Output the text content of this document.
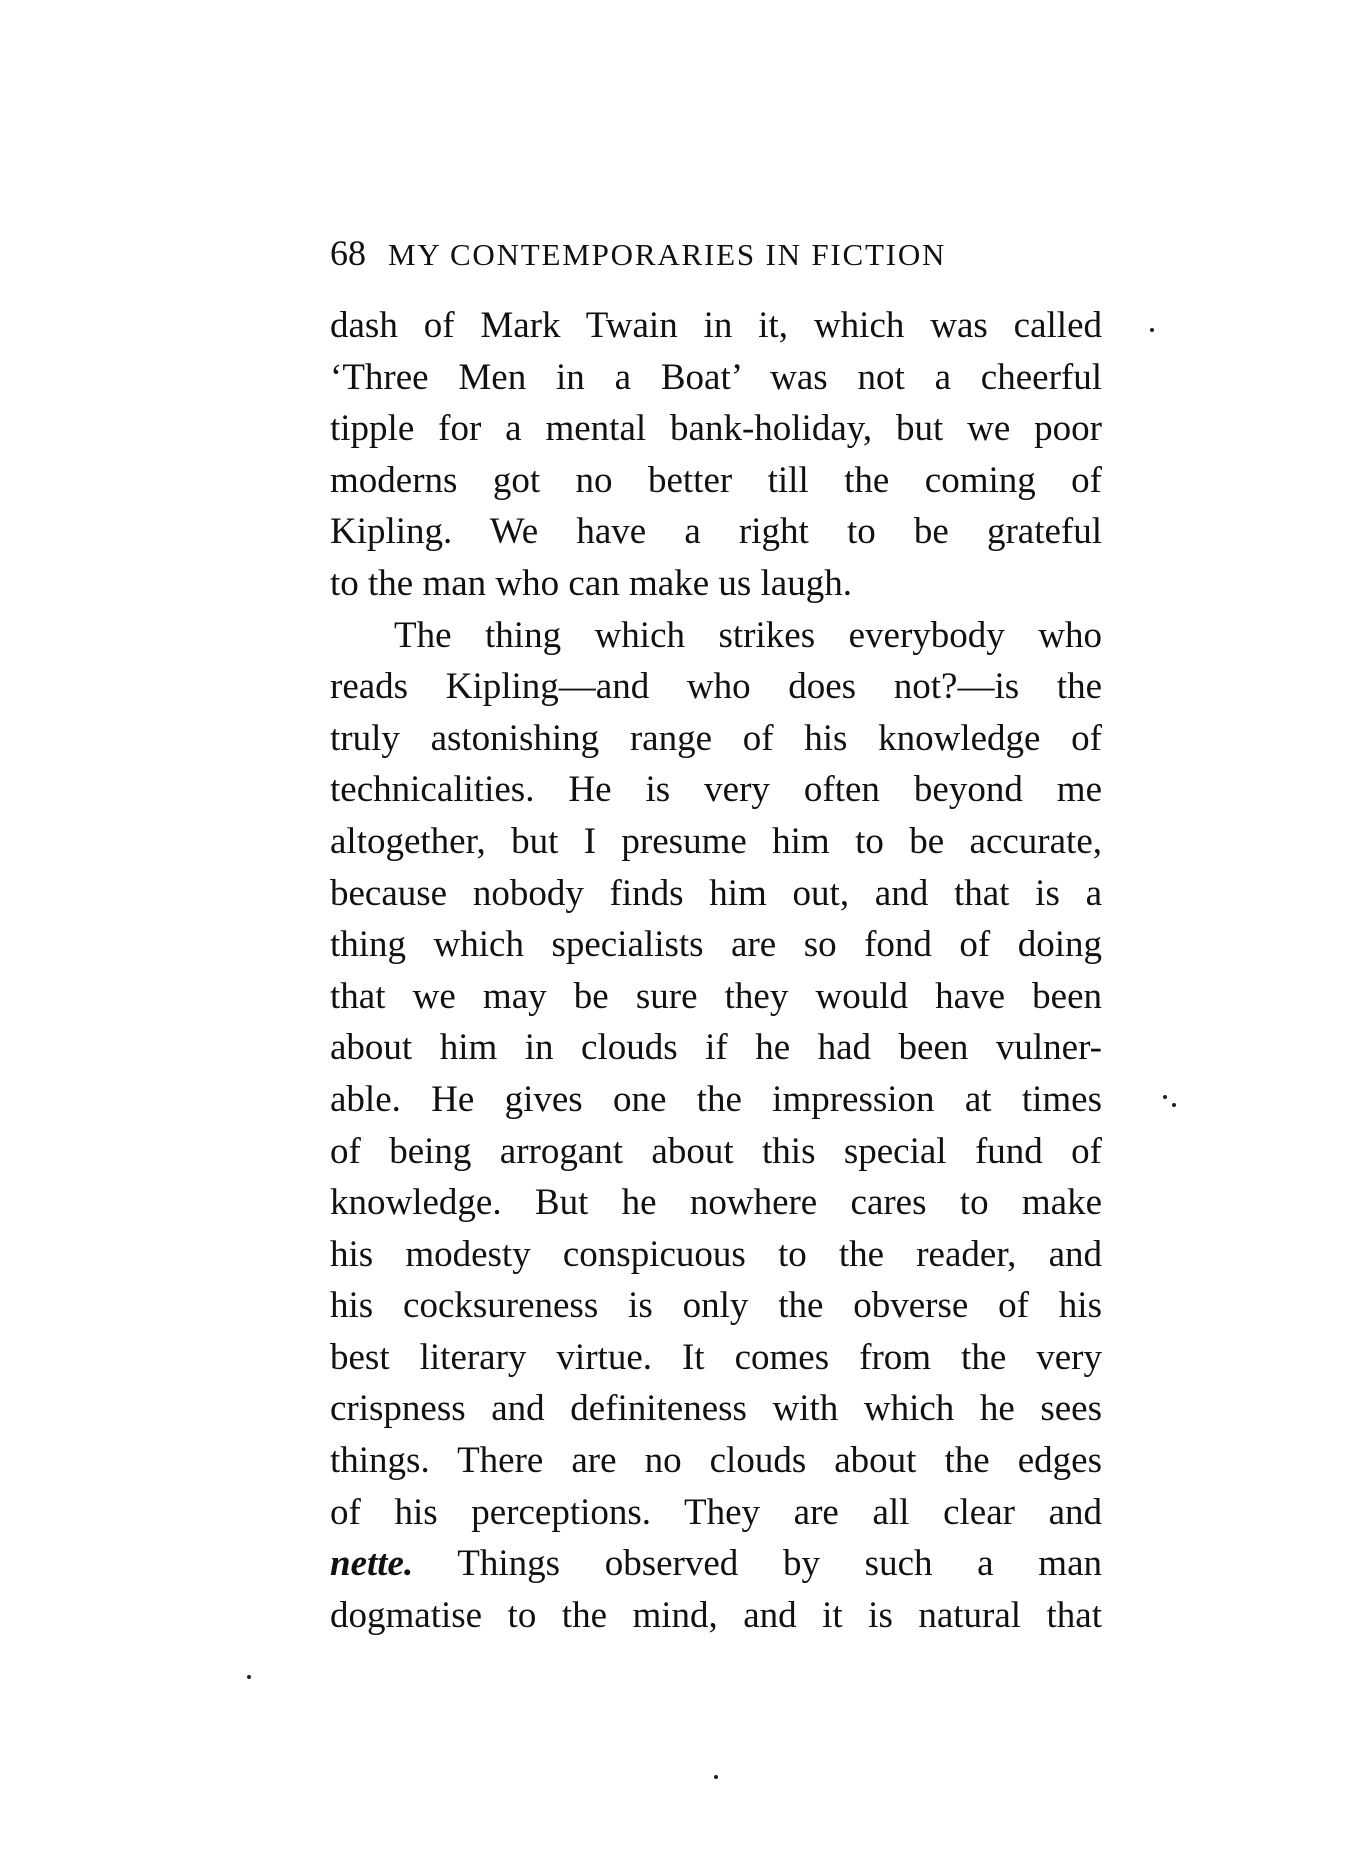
68 MY CONTEMPORARIES IN FICTION
dash of Mark Twain in it, which was called
‘Three Men in a Boat’ was not a cheerful
tipple for a mental bank-holiday, but we poor
moderns got no better till the coming of
Kipling. We have a right to be grateful
to the man who can make us laugh.
The thing which strikes everybody who
reads Kipling—and who does not?—is the
truly astonishing range of his knowledge of
technicalities. He is very often beyond me
altogether, but I presume him to be accurate,
because nobody finds him out, and that is a
thing which specialists are so fond of doing
that we may be sure they would have been
about him in clouds if he had been vulner-
able. He gives one the impression at times
of being arrogant about this special fund of
knowledge. But he nowhere cares to make
his modesty conspicuous to the reader, and
his cocksureness is only the obverse of his
best literary virtue. It comes from the very
crispness and definiteness with which he sees
things. There are no clouds about the edges
of his perceptions. They are all clear and
nette. Things observed by such a man
dogmatise to the mind, and it is natural that
